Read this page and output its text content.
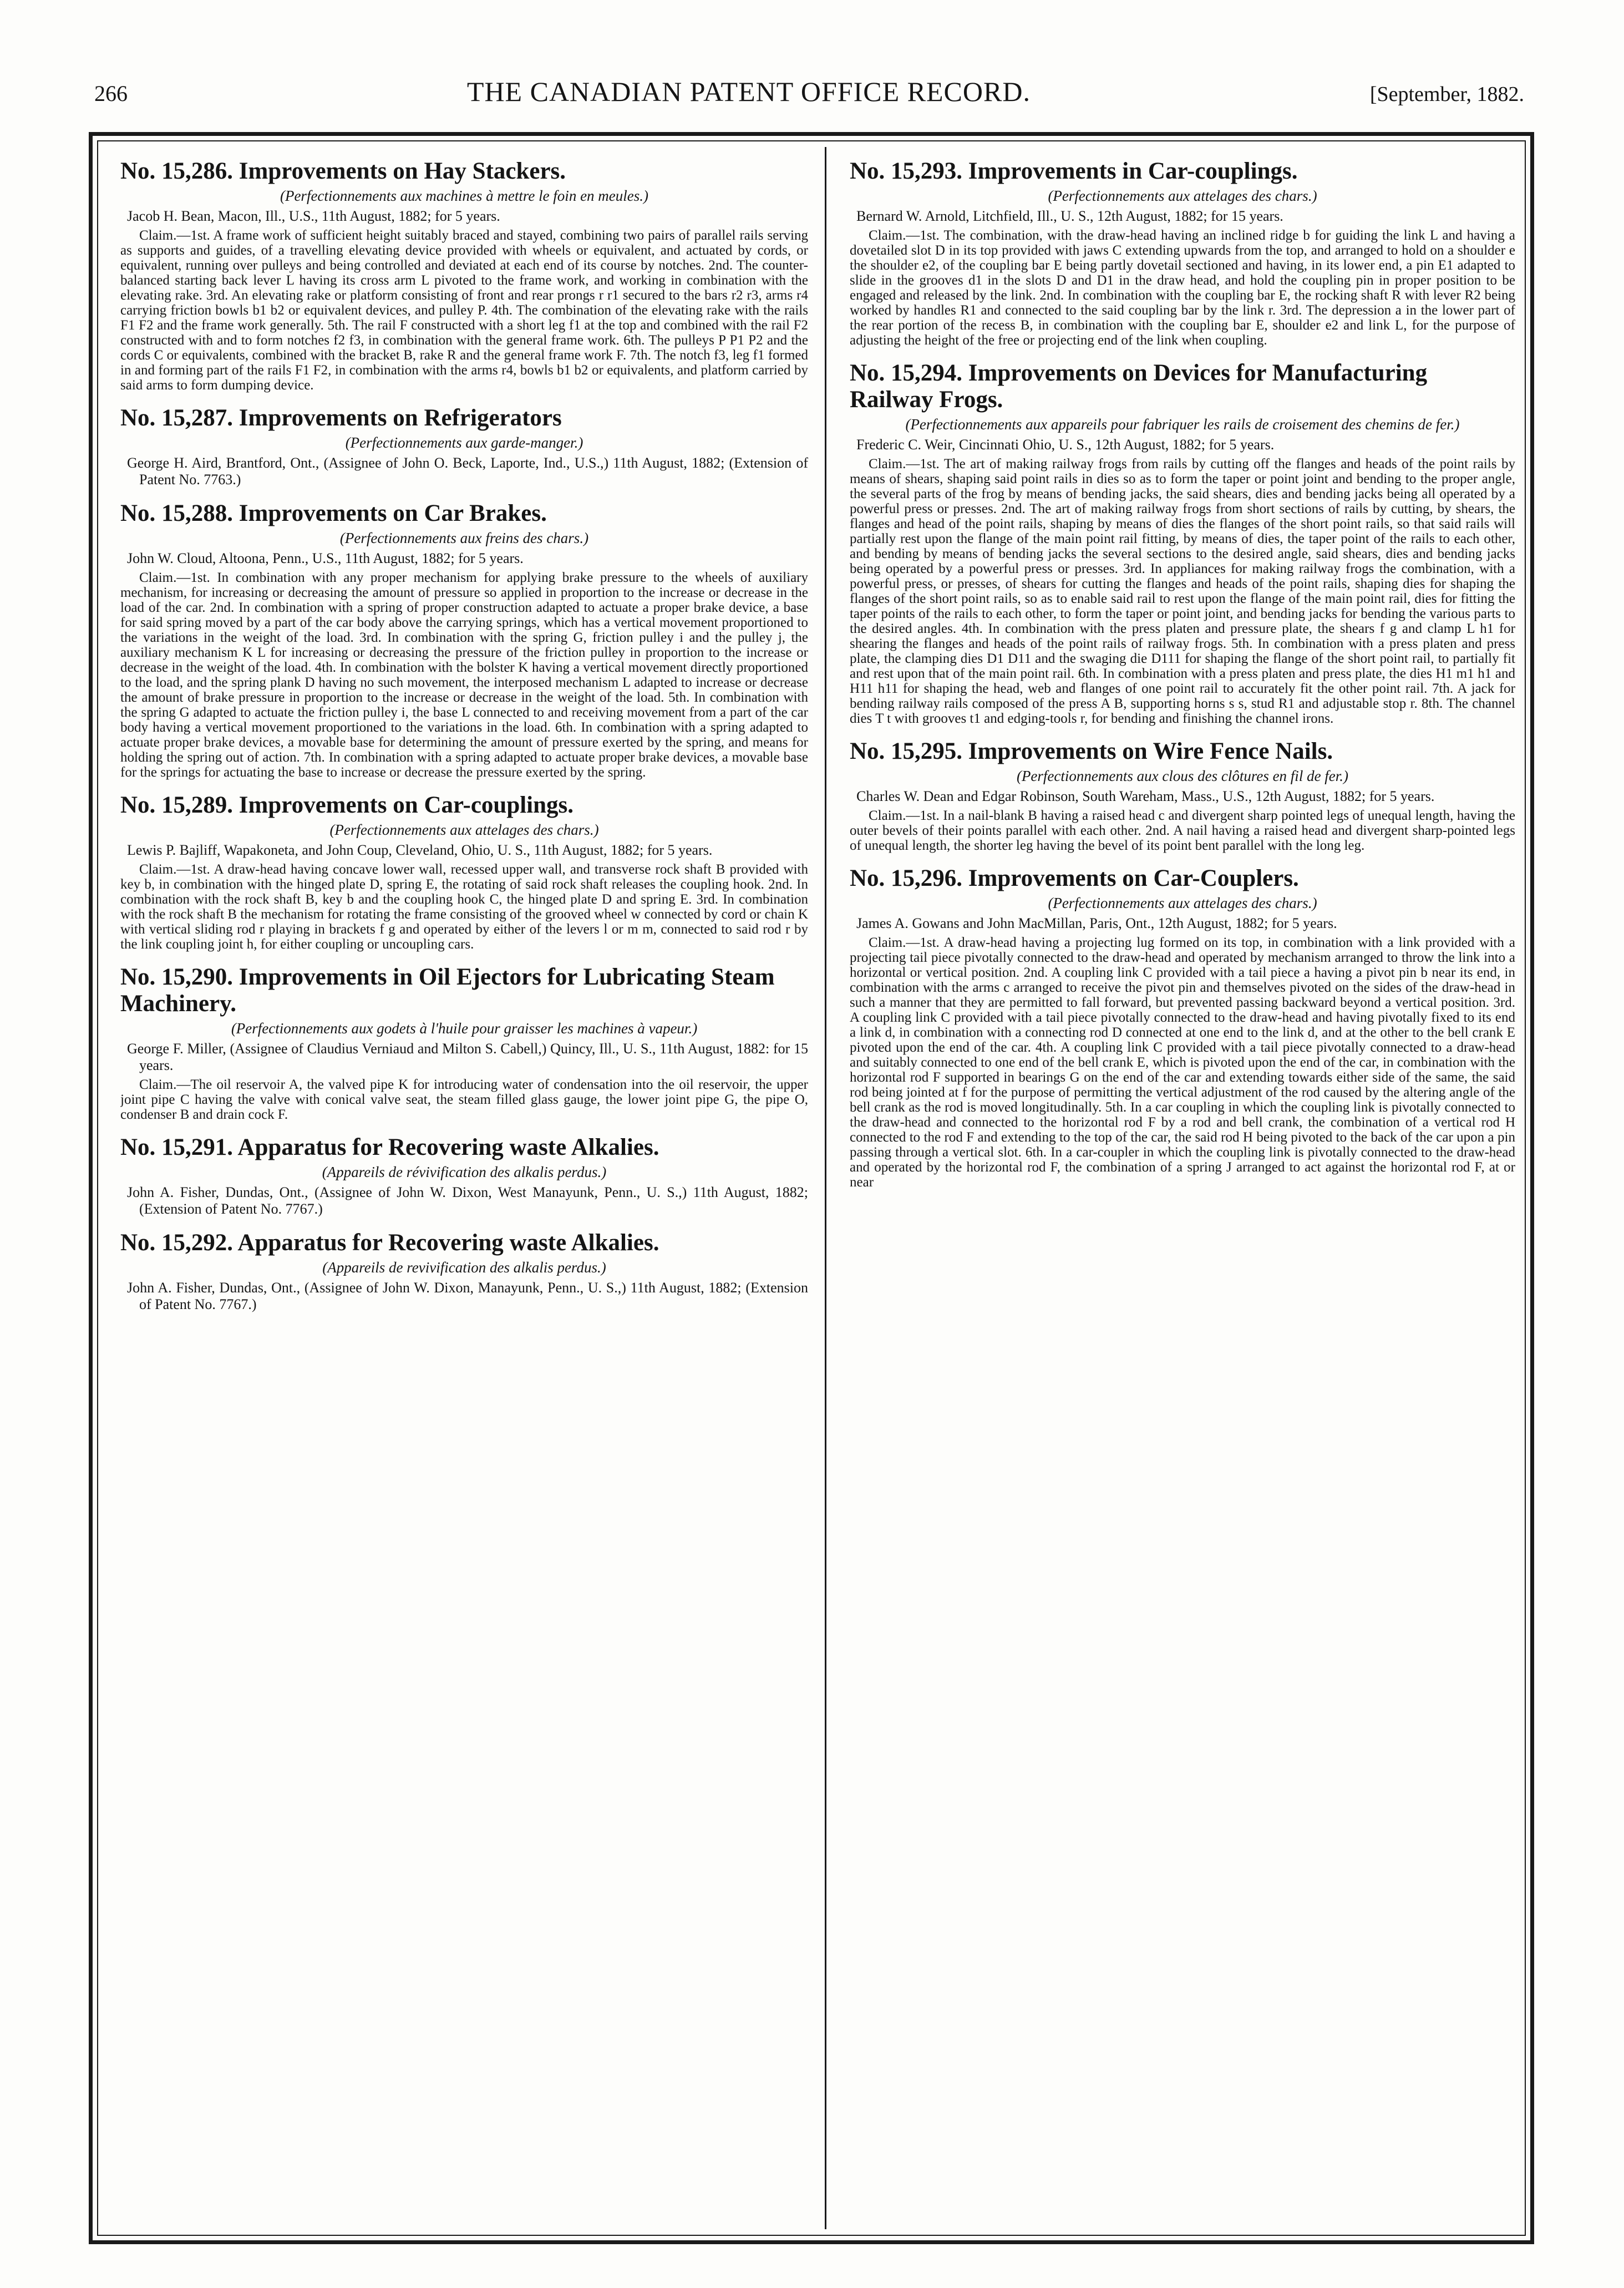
266	THE CANADIAN PATENT OFFICE RECORD.	[September, 1882.
No. 15,286. Improvements on Hay Stackers.
(Perfectionnements aux machines à mettre le foin en meules.)
Jacob H. Bean, Macon, Ill., U.S., 11th August, 1882; for 5 years.

Claim.—1st. A frame work of sufficient height suitably braced and stayed, combining two pairs of parallel rails serving as supports and guides, of a travelling elevating device provided with wheels or equivalent, and actuated by cords, or equivalent, running over pulleys and being controlled and deviated at each end of its course by notches. 2nd. The counter-balanced starting back lever L having its cross arm L pivoted to the frame work, and working in combination with the elevating rake. 3rd. An elevating rake or platform consisting of front and rear prongs r r1 secured to the bars r2 r3, arms r4 carrying friction bowls b1 b2 or equivalent devices, and pulley P. 4th. The combination of the elevating rake with the rails F1 F2 and the frame work generally. 5th. The rail F constructed with a short leg f1 at the top and combined with the rail F2 constructed with and to form notches f2 f3, in combination with the general frame work. 6th. The pulleys P P1 P2 and the cords C or equivalents, combined with the bracket B, rake R and the general frame work F. 7th. The notch f3, leg f1 formed in and forming part of the rails F1 F2, in combination with the arms r4, bowls b1 b2 or equivalents, and platform carried by said arms to form dumping device.

No. 15,287. Improvements on Refrigerators
(Perfectionnements aux garde-manger.)
George H. Aird, Brantford, Ont., (Assignee of John O. Beck, Laporte, Ind., U.S.,) 11th August, 1882; (Extension of Patent No. 7763.)
No. 15,288. Improvements on Car Brakes.
(Perfectionnements aux freins des chars.)
John W. Cloud, Altoona, Penn., U.S., 11th August, 1882; for 5 years.

Claim.—1st. In combination with any proper mechanism for applying brake pressure to the wheels of auxiliary mechanism, for increasing or decreasing the amount of pressure so applied in proportion to the increase or decrease in the load of the car. 2nd. In combination with a spring of proper construction adapted to actuate a proper brake device, a base for said spring moved by a part of the car body above the carrying springs, which has a vertical movement proportioned to the variations in the weight of the load. 3rd. In combination with the spring G, friction pulley i and the pulley j, the auxiliary mechanism K L for increasing or decreasing the pressure of the friction pulley in proportion to the increase or decrease in the weight of the load. 4th. In combination with the bolster K having a vertical movement directly proportioned to the load, and the spring plank D having no such movement, the interposed mechanism L adapted to increase or decrease the amount of brake pressure in proportion to the increase or decrease in the weight of the load. 5th. In combination with the spring G adapted to actuate the friction pulley i, the base L connected to and receiving movement from a part of the car body having a vertical movement proportioned to the variations in the load. 6th. In combination with a spring adapted to actuate proper brake devices, a movable base for determining the amount of pressure exerted by the spring, and means for holding the spring out of action. 7th. In combination with a spring adapted to actuate proper brake devices, a movable base for the springs for actuating the base to increase or decrease the pressure exerted by the spring.

No. 15,289. Improvements on Car-couplings.
(Perfectionnements aux attelages des chars.)
Lewis P. Bajliff, Wapakoneta, and John Coup, Cleveland, Ohio, U. S., 11th August, 1882; for 5 years.

Claim.—1st. A draw-head having concave lower wall, recessed upper wall, and transverse rock shaft B provided with key b, in combination with the hinged plate D, spring E, the rotating of said rock shaft releases the coupling hook. 2nd. In combination with the rock shaft B, key b and the coupling hook C, the hinged plate D and spring E. 3rd. In combination with the rock shaft B the mechanism for rotating the frame consisting of the grooved wheel w connected by cord or chain K with vertical sliding rod r playing in brackets f g and operated by either of the levers l or m m, connected to said rod r by the link coupling joint h, for either coupling or uncoupling cars.

No. 15,290. Improvements in Oil Ejectors for Lubricating Steam Machinery.
(Perfectionnements aux godets à l'huile pour graisser les machines à vapeur.)
George F. Miller, (Assignee of Claudius Verniaud and Milton S. Cabell,) Quincy, Ill., U. S., 11th August, 1882: for 15 years.

Claim.—The oil reservoir A, the valved pipe K for introducing water of condensation into the oil reservoir, the upper joint pipe C having the valve with conical valve seat, the steam filled glass gauge, the lower joint pipe G, the pipe O, condenser B and drain cock F.

No. 15,291. Apparatus for Recovering waste Alkalies.
(Appareils de révivification des alkalis perdus.)
John A. Fisher, Dundas, Ont., (Assignee of John W. Dixon, West Manayunk, Penn., U. S.,) 11th August, 1882; (Extension of Patent No. 7767.)
No. 15,292. Apparatus for Recovering waste Alkalies.
(Appareils de revivification des alkalis perdus.)
John A. Fisher, Dundas, Ont., (Assignee of John W. Dixon, Manayunk, Penn., U. S.,) 11th August, 1882; (Extension of Patent No. 7767.)
No. 15,293. Improvements in Car-couplings.
(Perfectionnements aux attelages des chars.)
Bernard W. Arnold, Litchfield, Ill., U. S., 12th August, 1882; for 15 years.

Claim.—1st. The combination, with the draw-head having an inclined ridge b for guiding the link L and having a dovetailed slot D in its top provided with jaws C extending upwards from the top, and arranged to hold on a shoulder e the shoulder e2, of the coupling bar E being partly dovetail sectioned and having, in its lower end, a pin E1 adapted to slide in the grooves d1 in the slots D and D1 in the draw head, and hold the coupling pin in proper position to be engaged and released by the link. 2nd. In combination with the coupling bar E, the rocking shaft R with lever R2 being worked by handles R1 and connected to the said coupling bar by the link r. 3rd. The depression a in the lower part of the rear portion of the recess B, in combination with the coupling bar E, shoulder e2 and link L, for the purpose of adjusting the height of the free or projecting end of the link when coupling.

No. 15,294. Improvements on Devices for Manufacturing Railway Frogs.
(Perfectionnements aux appareils pour fabriquer les rails de croisement des chemins de fer.)
Frederic C. Weir, Cincinnati Ohio, U. S., 12th August, 1882; for 5 years.

Claim.—1st. The art of making railway frogs from rails by cutting off the flanges and heads of the point rails by means of shears, shaping said point rails in dies so as to form the taper or point joint and bending to the proper angle, the several parts of the frog by means of bending jacks, the said shears, dies and bending jacks being all operated by a powerful press or presses. 2nd. The art of making railway frogs from short sections of rails by cutting, by shears, the flanges and head of the point rails, shaping by means of dies the flanges of the short point rails, so that said rails will partially rest upon the flange of the main point rail fitting, by means of dies, the taper point of the rails to each other, and bending by means of bending jacks the several sections to the desired angle, said shears, dies and bending jacks being operated by a powerful press or presses. 3rd. In appliances for making railway frogs the combination, with a powerful press, or presses, of shears for cutting the flanges and heads of the point rails, shaping dies for shaping the flanges of the short point rails, so as to enable said rail to rest upon the flange of the main point rail, dies for fitting the taper points of the rails to each other, to form the taper or point joint, and bending jacks for bending the various parts to the desired angles. 4th. In combination with the press platen and pressure plate, the shears f g and clamp L h1 for shearing the flanges and heads of the point rails of railway frogs. 5th. In combination with a press platen and press plate, the clamping dies D1 D11 and the swaging die D111 for shaping the flange of the short point rail, to partially fit and rest upon that of the main point rail. 6th. In combination with a press platen and press plate, the dies H1 m1 h1 and H11 h11 for shaping the head, web and flanges of one point rail to accurately fit the other point rail. 7th. A jack for bending railway rails composed of the press A B, supporting horns s s, stud R1 and adjustable stop r. 8th. The channel dies T t with grooves t1 and edging-tools r, for bending and finishing the channel irons.

No. 15,295. Improvements on Wire Fence Nails.
(Perfectionnements aux clous des clôtures en fil de fer.)
Charles W. Dean and Edgar Robinson, South Wareham, Mass., U.S., 12th August, 1882; for 5 years.

Claim.—1st. In a nail-blank B having a raised head c and divergent sharp pointed legs of unequal length, having the outer bevels of their points parallel with each other. 2nd. A nail having a raised head and divergent sharp-pointed legs of unequal length, the shorter leg having the bevel of its point bent parallel with the long leg.

No. 15,296. Improvements on Car-Couplers.
(Perfectionnements aux attelages des chars.)
James A. Gowans and John MacMillan, Paris, Ont., 12th August, 1882; for 5 years.

Claim.—1st. A draw-head having a projecting lug formed on its top, in combination with a link provided with a projecting tail piece pivotally connected to the draw-head and operated by mechanism arranged to throw the link into a horizontal or vertical position. 2nd. A coupling link C provided with a tail piece a having a pivot pin b near its end, in combination with the arms c arranged to receive the pivot pin and themselves pivoted on the sides of the draw-head in such a manner that they are permitted to fall forward, but prevented passing backward beyond a vertical position. 3rd. A coupling link C provided with a tail piece pivotally connected to the draw-head and having pivotally fixed to its end a link d, in combination with a connecting rod D connected at one end to the link d, and at the other to the bell crank E pivoted upon the end of the car. 4th. A coupling link C provided with a tail piece pivotally connected to a draw-head and suitably connected to one end of the bell crank E, which is pivoted upon the end of the car, in combination with the horizontal rod F supported in bearings G on the end of the car and extending towards either side of the same, the said rod being jointed at f for the purpose of permitting the vertical adjustment of the rod caused by the altering angle of the bell crank as the rod is moved longitudinally. 5th. In a car coupling in which the coupling link is pivotally connected to the draw-head and connected to the horizontal rod F by a rod and bell crank, the combination of a vertical rod H connected to the rod F and extending to the top of the car, the said rod H being pivoted to the back of the car upon a pin passing through a vertical slot. 6th. In a car-coupler in which the coupling link is pivotally connected to the draw-head and operated by the horizontal rod F, the combination of a spring J arranged to act against the horizontal rod F, at or near
